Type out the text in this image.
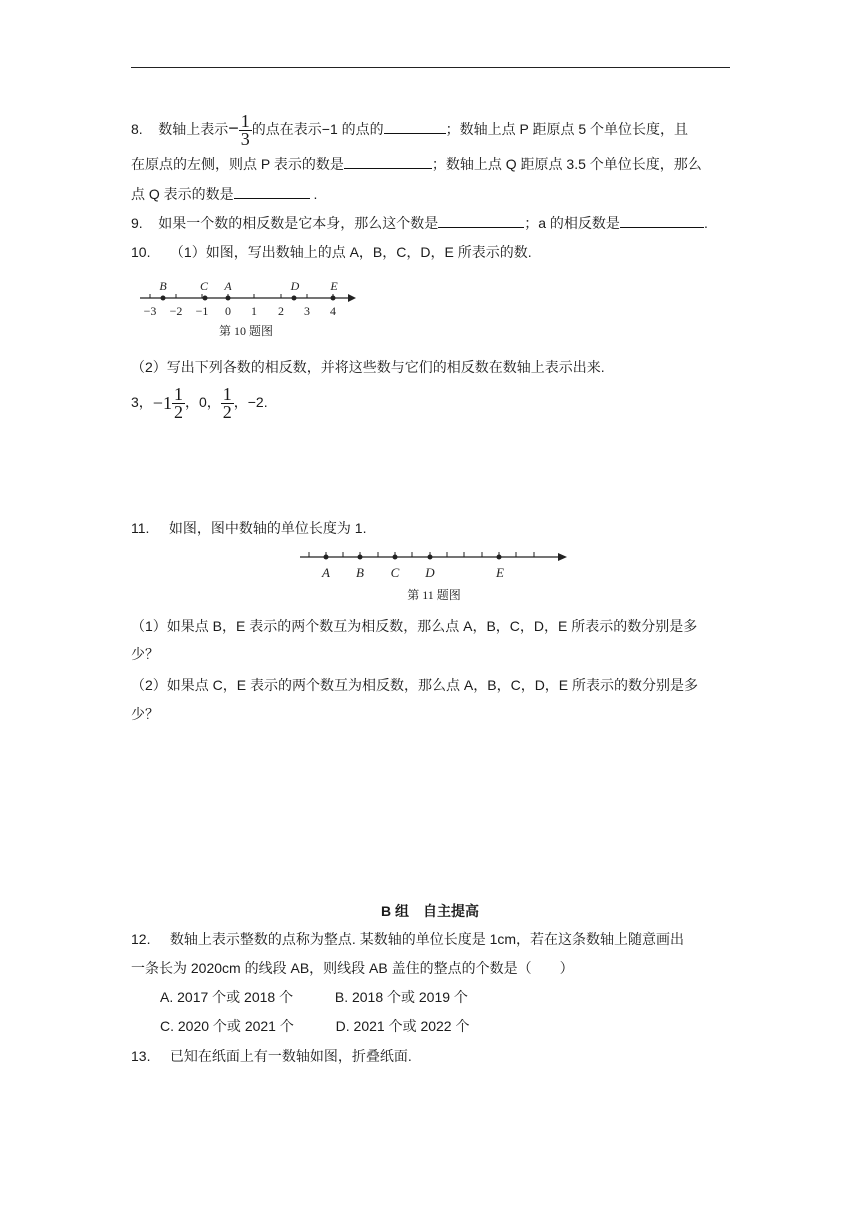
8. 数轴上表示− $\frac{1}{3}$ 的点在表示−1 的点的	；数轴上点 P 距原点 5 个单位长度，且
在原点的左侧，则点 P 表示的数是	；数轴上点 Q 距原点 3.5 个单位长度，那么
点 Q 表示的数是	.
9. 如果一个数的相反数是它本身，那么这个数是	；a 的相反数是	.
10. （1）如图，写出数轴上的点 A，B，C，D，E 所表示的数.
−3 −2 −1 0 1 2 3 4
B	C A	D	E
第 10 题图
（2）写出下列各数的相反数，并将这些数与它们的相反数在数轴上表示出来.
3，$-1 \frac{1}{2}$ ，0， $\frac{1}{2}$ ，−2.
11. 如图，图中数轴的单位长度为 1.
A B C D	E
第 11 题图
（1）如果点 B，E 表示的两个数互为相反数，那么点 A，B，C，D，E 所表示的数分别是多
少？
（2）如果点 C，E 表示的两个数互为相反数，那么点 A，B，C，D，E 所表示的数分别是多
少？
B 组　自主提高
12. 数轴上表示整数的点称为整点. 某数轴的单位长度是 1cm，若在这条数轴上随意画出
一条长为 2020cm 的线段 AB，则线段 AB 盖住的整点的个数是（　　）
A. 2017 个或 2018 个	B. 2018 个或 2019 个
C. 2020 个或 2021 个	D. 2021 个或 2022 个
13. 已知在纸面上有一数轴如图，折叠纸面.
